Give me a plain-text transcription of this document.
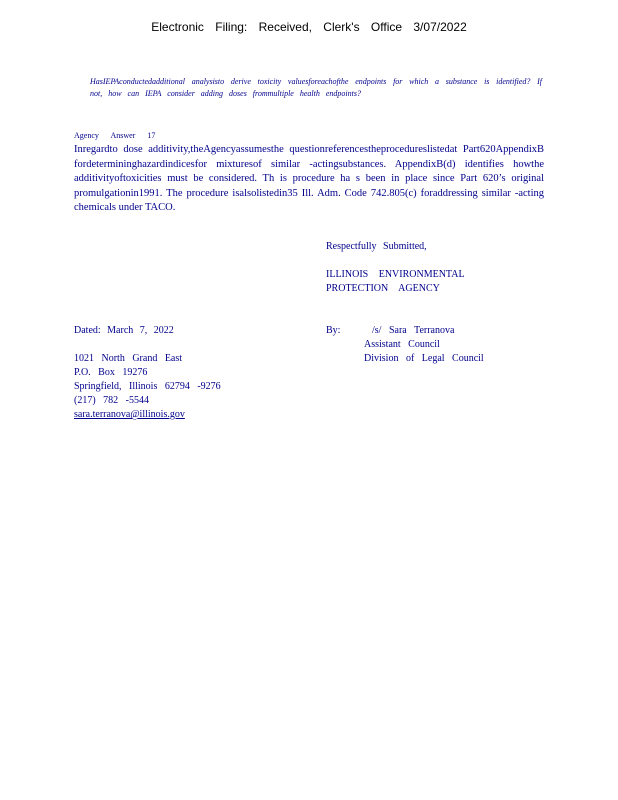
Electronic Filing: Received, Clerk's Office 3/07/2022
HasIEPAconductedadditional analysisto derive toxicity valuesforeachofthe endpoints for which a substance is identified? If not, how can IEPA consider adding doses frommultiple health endpoints?
Agency Answer 17
Inregardto dose additivity,theAgencyassumesthe questionreferencestheprocedureslistedat Part620AppendixB fordetermininghazardindicesfor mixturesof similar -actingsubstances. AppendixB(d) identifies howthe additivityoftoxicities must be considered. Th is procedure ha s been in place since Part 620’s original promulgationin1991. The procedure isalsolistedin35 Ill. Adm. Code 742.805(c) foraddressing similar -acting chemicals under TACO.
Respectfully Submitted,
ILLINOIS ENVIRONMENTAL
PROTECTION AGENCY
Dated: March 7, 2022	By:	/s/ Sara Terranova
Assistant Council
Division of Legal Council
1021 North Grand East
P.O. Box 19276
Springfield, Illinois 62794 -9276
(217) 782 -5544
sara.terranova@illinois.gov
